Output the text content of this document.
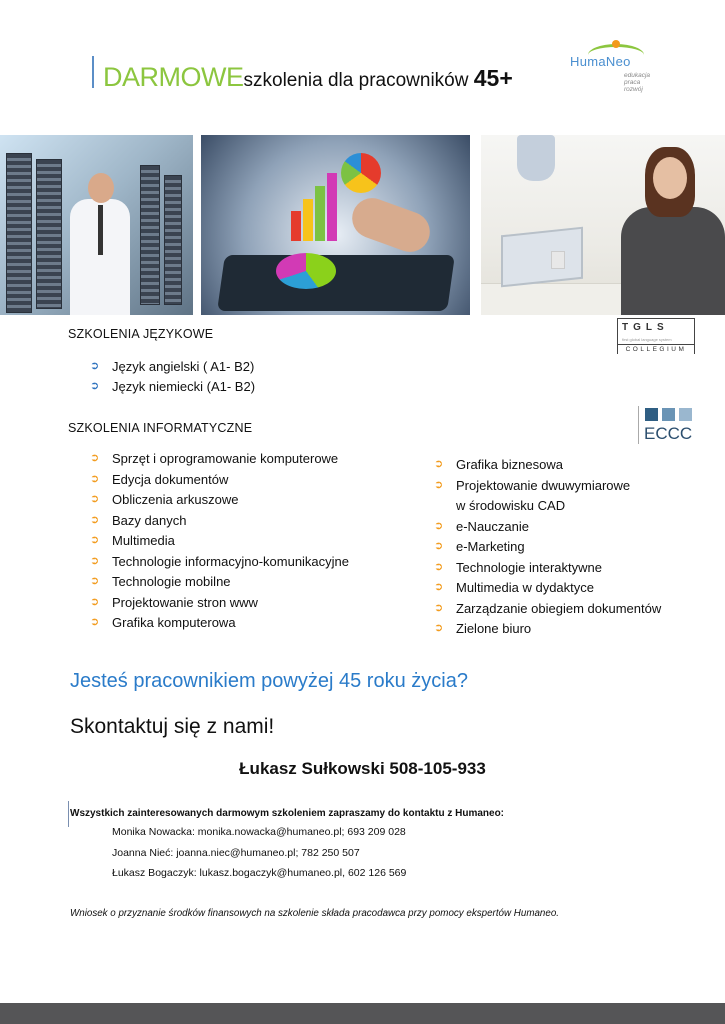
DARMOWEszkolenia dla pracowników 45+
HumaNeo
edukacja
praca
rozwój
SZKOLENIA JĘZYKOWE
➲ Język angielski ( A1- B2)
➲ Język niemiecki (A1- B2)
TGLS
first global language system
COLLEGIUM
SZKOLENIA INFORMATYCZNE	ECCC
➲ Sprzęt i oprogramowanie komputerowe
➲ Edycja dokumentów
➲ Obliczenia arkuszowe
➲ Bazy danych
➲ Multimedia
➲ Technologie informacyjno-komunikacyjne
➲ Technologie mobilne
➲ Projektowanie stron www
➲ Grafika komputerowa
➲ Grafika biznesowa
➲ Projektowanie dwuwymiarowe
w środowisku CAD
➲ e-Nauczanie
➲ e-Marketing
➲ Technologie interaktywne
➲ Multimedia w dydaktyce
➲ Zarządzanie obiegiem dokumentów
➲ Zielone biuro
Jesteś pracownikiem powyżej 45 roku życia?
Skontaktuj się z nami!
Łukasz Sułkowski 508-105-933
Wszystkich zainteresowanych darmowym szkoleniem zapraszamy do kontaktu z Humaneo:
Monika Nowacka: monika.nowacka@humaneo.pl; 693 209 028
Joanna Nieć: joanna.niec@humaneo.pl; 782 250 507
Łukasz Bogaczyk: lukasz.bogaczyk@humaneo.pl, 602 126 569
Wniosek o przyznanie środków finansowych na szkolenie składa pracodawca przy pomocy ekspertów Humaneo.
